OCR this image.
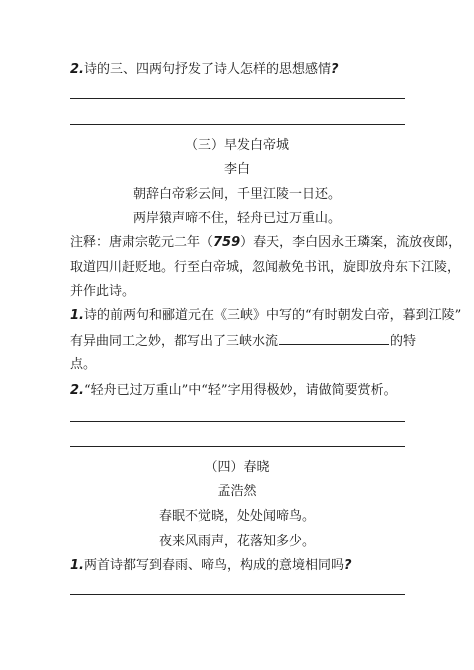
2.诗的三、四两句抒发了诗人怎样的思想感情?
（三）早发白帝城
李白
朝辞白帝彩云间，千里江陵一日还。
两岸猿声啼不住，轻舟已过万重山。
注释：唐肃宗乾元二年（759）春天，李白因永王璘案，流放夜郎，
取道四川赶贬地。行至白帝城，忽闻赦免书讯，旋即放舟东下江陵，
并作此诗。
1.诗的前两句和郦道元在《三峡》中写的“有时朝发白帝，暮到江陵”
有异曲同工之妙，都写出了三峡水流	的特
点。
2.“轻舟已过万重山”中“轻”字用得极妙，请做简要赏析。
（四）春晓
孟浩然
春眠不觉晓，处处闻啼鸟。
夜来风雨声，花落知多少。
1.两首诗都写到春雨、啼鸟，构成的意境相同吗?
